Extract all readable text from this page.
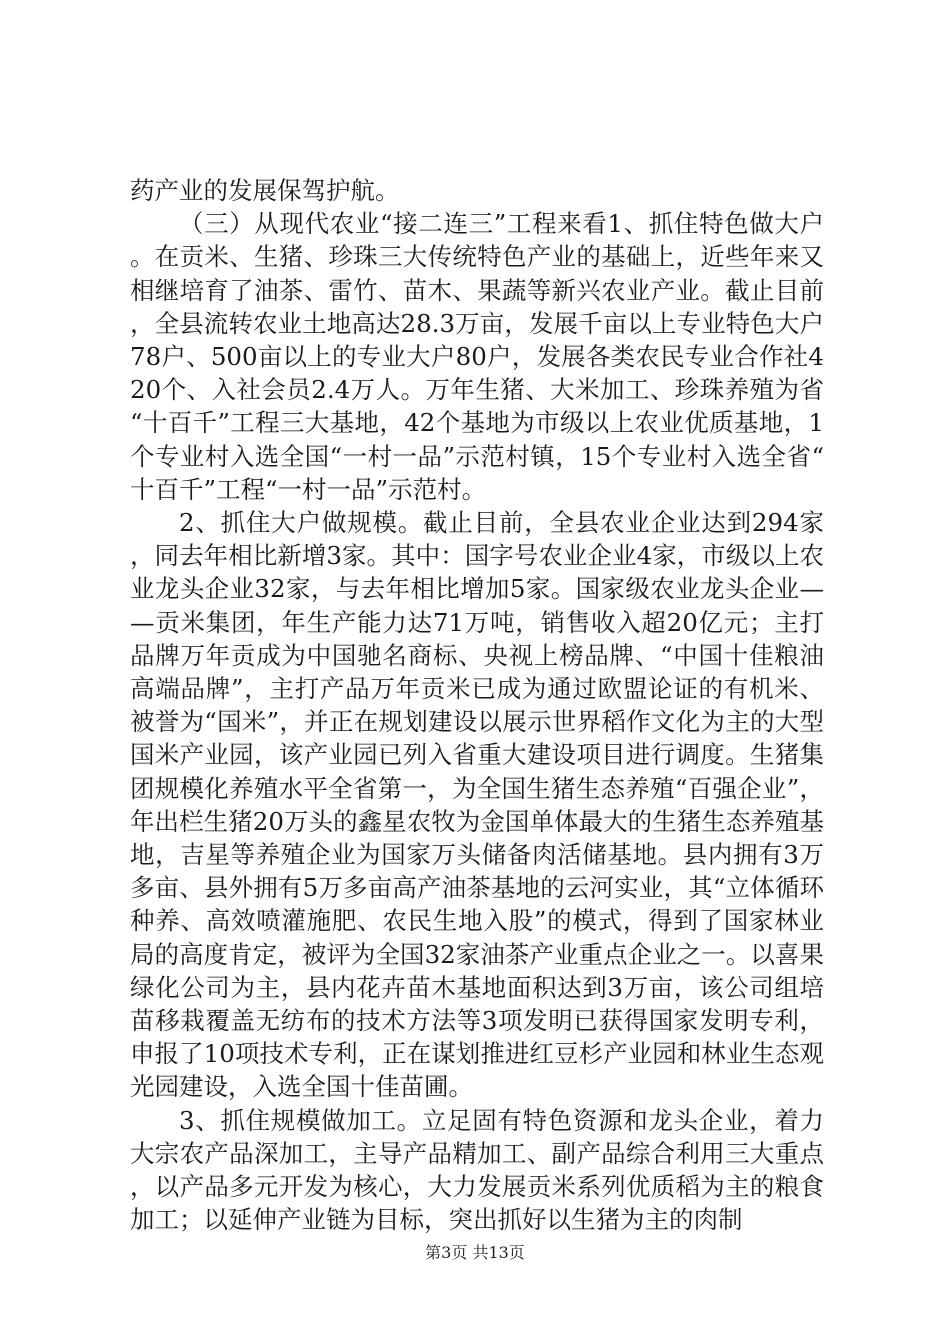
药产业的发展保驾护航。

（三）从现代农业“接二连三”工程来看1、抓住特色做大户。在贡米、生猪、珍珠三大传统特色产业的基础上，近些年来又相继培育了油茶、雷竹、苗木、果蔬等新兴农业产业。截止目前，全县流转农业土地高达28.3万亩，发展千亩以上专业特色大户78户、500亩以上的专业大户80户，发展各类农民专业合作社420个、入社会员2.4万人。万年生猪、大米加工、珍珠养殖为省“十百千”工程三大基地，42个基地为市级以上农业优质基地，1个专业村入选全国“一村一品”示范村镇，15个专业村入选全省“十百千”工程“一村一品”示范村。

2、抓住大户做规模。截止目前，全县农业企业达到294家，同去年相比新增3家。其中：国字号农业企业4家，市级以上农业龙头企业32家，与去年相比增加5家。国家级农业龙头企业——贡米集团，年生产能力达71万吨，销售收入超20亿元；主打品牌万年贡成为中国驰名商标、央视上榜品牌、“中国十佳粮油高端品牌”，主打产品万年贡米已成为通过欧盟论证的有机米、被誉为“国米”，并正在规划建设以展示世界稻作文化为主的大型国米产业园，该产业园已列入省重大建设项目进行调度。生猪集团规模化养殖水平全省第一，为全国生猪生态养殖“百强企业”，年出栏生猪20万头的鑫星农牧为金国单体最大的生猪生态养殖基地，吉星等养殖企业为国家万头储备肉活储基地。县内拥有3万多亩、县外拥有5万多亩高产油茶基地的云河实业，其“立体循环种养、高效喷灌施肥、农民生地入股”的模式，得到了国家林业局的高度肯定，被评为全国32家油茶产业重点企业之一。以喜果绿化公司为主，县内花卉苗木基地面积达到3万亩，该公司组培苗移栽覆盖无纺布的技术方法等3项发明已获得国家发明专利，申报了10项技术专利，正在谋划推进红豆杉产业园和林业生态观光园建设，入选全国十佳苗圃。

3、抓住规模做加工。立足固有特色资源和龙头企业，着力大宗农产品深加工，主导产品精加工、副产品综合利用三大重点，以产品多元开发为核心，大力发展贡米系列优质稻为主的粮食加工；以延伸产业链为目标，突出抓好以生猪为主的肉制

第3页 共13页
